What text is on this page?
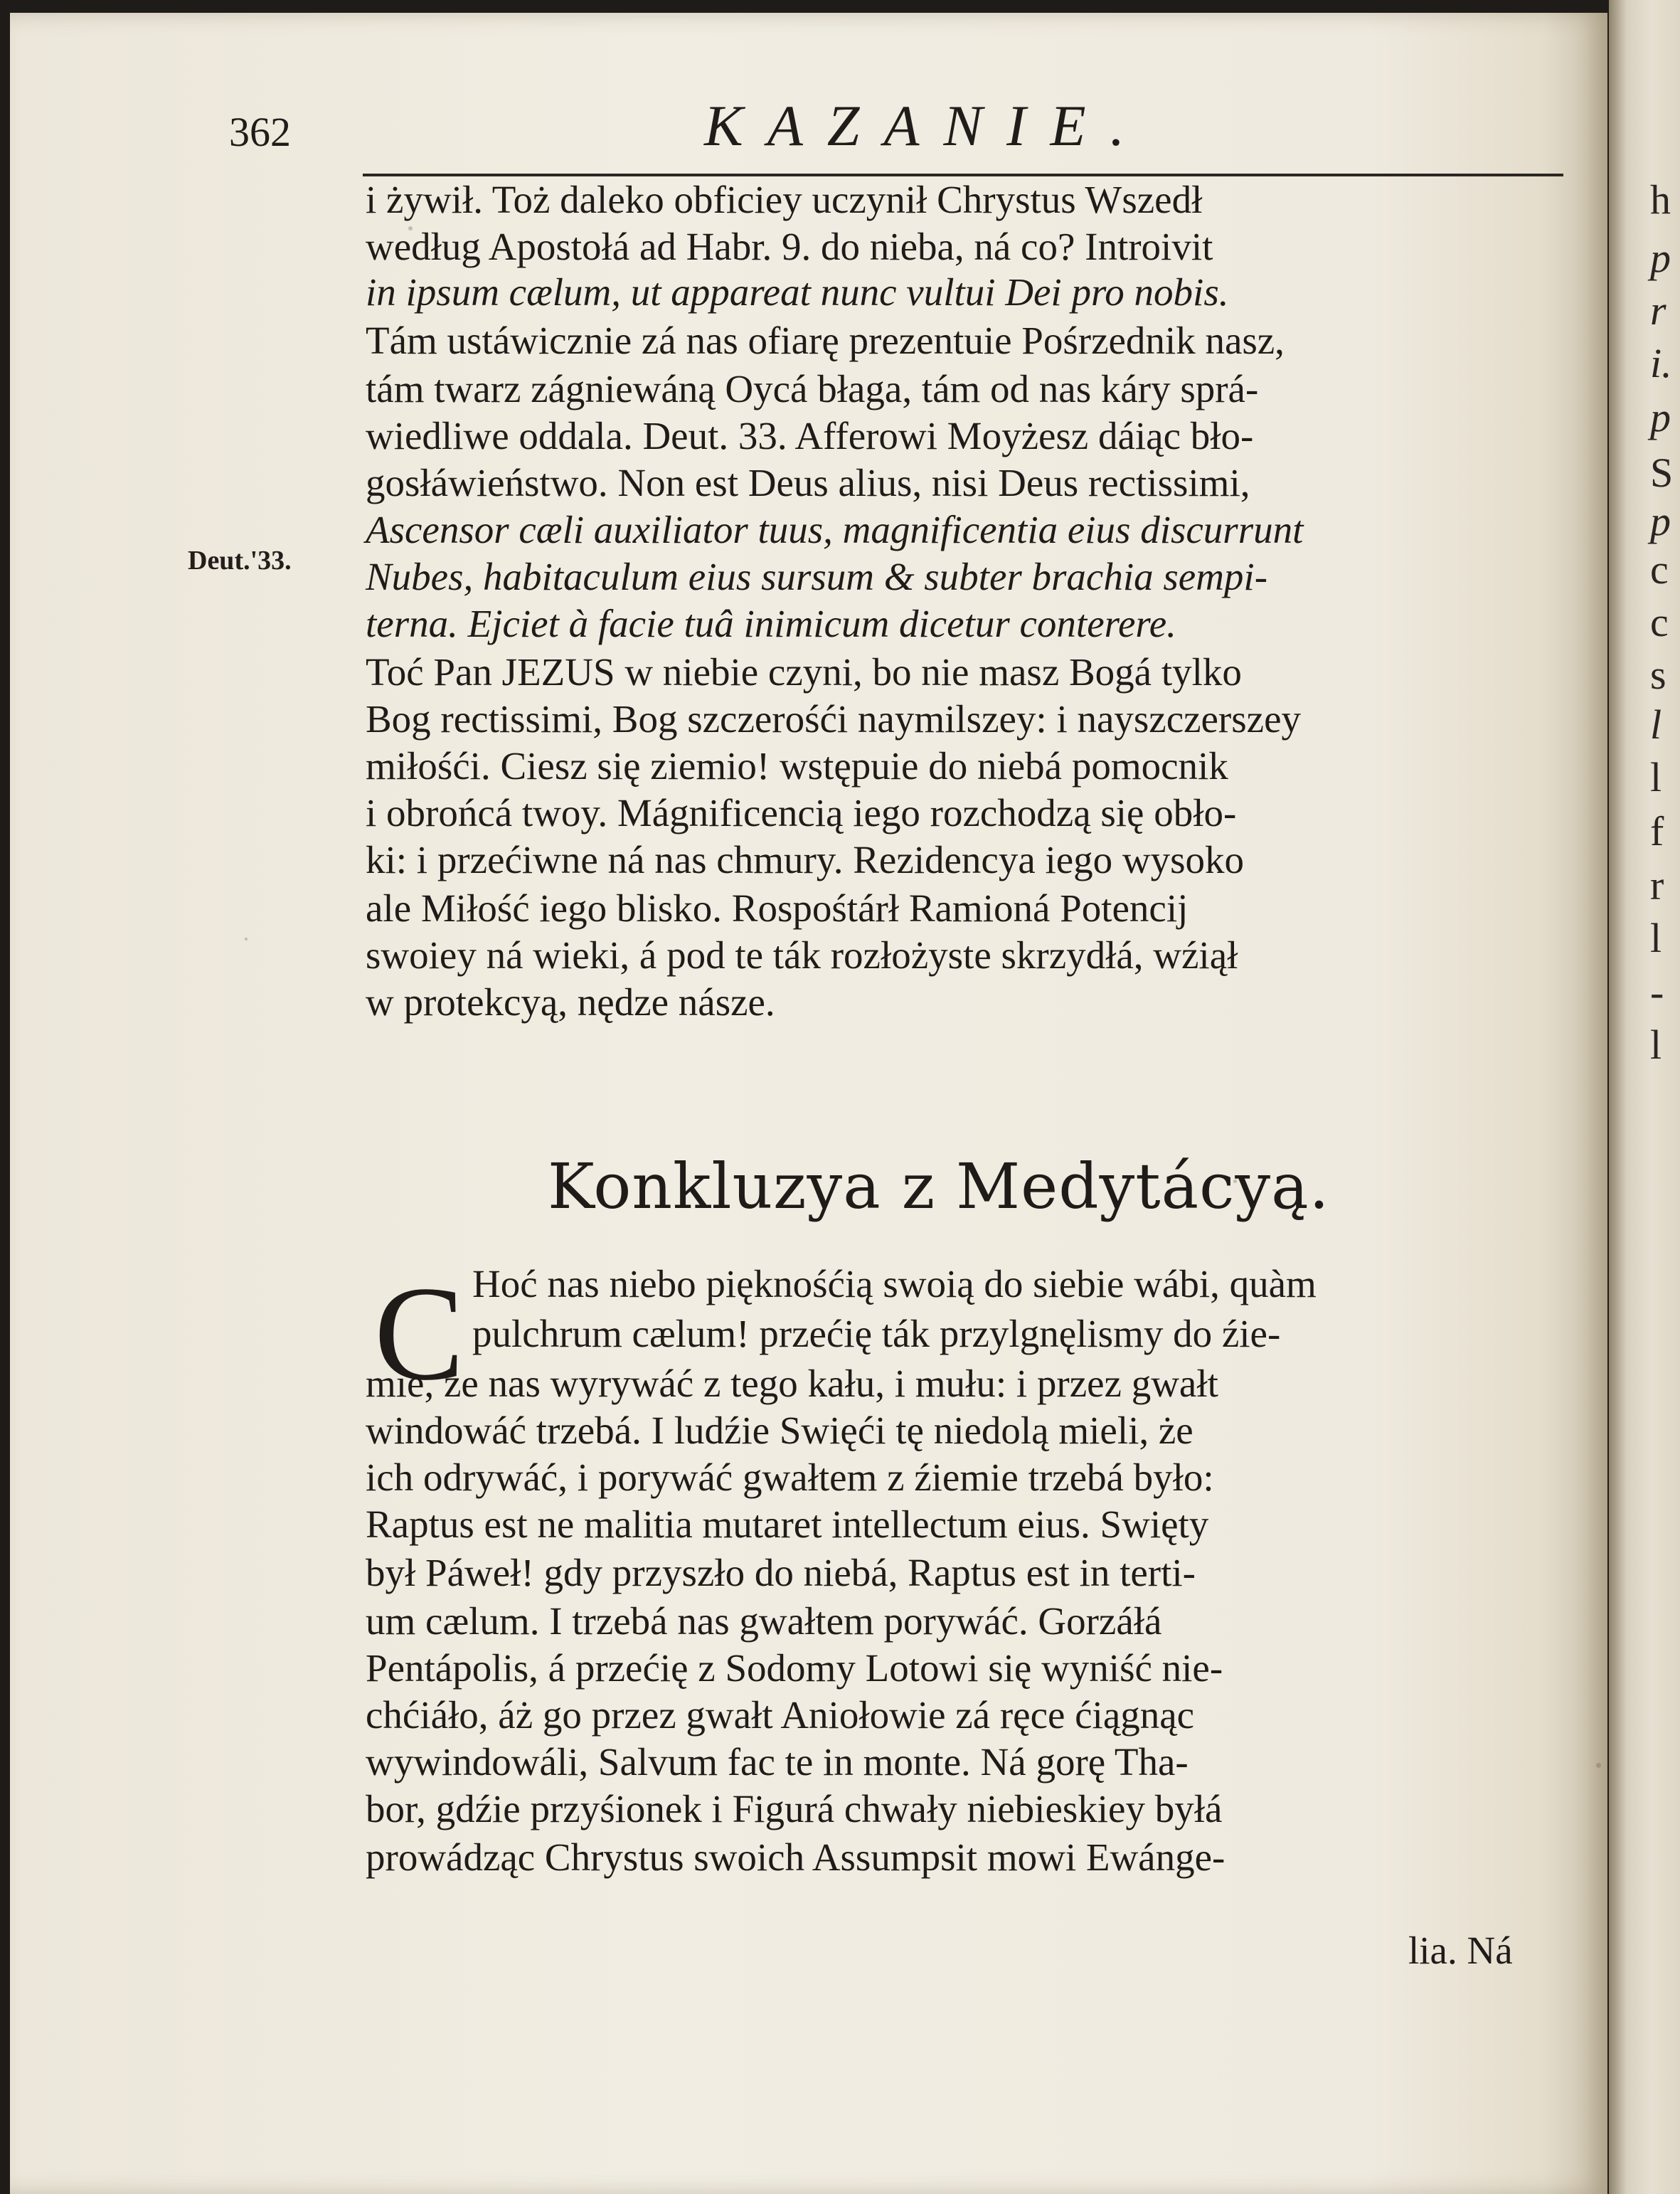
h
p
r
i.
p
S
p
c
c
s
l
l
f
r
l
-
l
362	KAZANIE.
Deut.'33.
i żywił. Toż daleko obficiey uczynił Chrystus Wszedł
według Apostołá ad Habr. 9. do nieba, ná co? Introivit
in ipsum cælum, ut appareat nunc vultui Dei pro nobis.
Tám ustáwicznie zá nas ofiarę prezentuie Pośrzednik nasz,
tám twarz zágniewáną Oycá błaga, tám od nas káry sprá-
wiedliwe oddala. Deut. 33. Afferowi Moyżesz dáiąc bło-
gosłáwieństwo. Non est Deus alius, nisi Deus rectissimi,
Ascensor cæli auxiliator tuus, magnificentia eius discurrunt
Nubes, habitaculum eius sursum & subter brachia sempi-
terna. Ejciet à facie tuâ inimicum dicetur conterere.
Toć Pan JEZUS w niebie czyni, bo nie masz Bogá tylko
Bog rectissimi, Bog szczerośći naymilszey: i nayszczerszey
miłośći. Ciesz się ziemio! wstępuie do niebá pomocnik
i obrońcá twoy. Mágnificencią iego rozchodzą się obło-
ki: i przećiwne ná nas chmury. Rezidencya iego wysoko
ale Miłość iego blisko. Rospośtárł Ramioná Potencij
swoiey ná wieki, á pod te ták rozłożyste skrzydłá, wźiął
w protekcyą, nędze násze.
Konkluzya z Medytácyą.
C Hoć nas niebo pięknośćią swoią do siebie wábi, quàm
pulchrum cælum! przećię ták przylgnęlismy do źie-
mie, że nas wyrywáć z tego kału, i mułu: i przez gwałt
windowáć trzebá. I ludźie Swięći tę niedolą mieli, że
ich odrywáć, i porywáć gwałtem z źiemie trzebá było:
Raptus est ne malitia mutaret intellectum eius. Swięty
był Páweł! gdy przyszło do niebá, Raptus est in terti-
um cælum. I trzebá nas gwałtem porywáć. Gorzáłá
Pentápolis, á przećię z Sodomy Lotowi się wyniść nie-
chćiáło, áż go przez gwałt Aniołowie zá ręce ćiągnąc
wywindowáli, Salvum fac te in monte. Ná gorę Tha-
bor, gdźie przyśionek i Figurá chwały niebieskiey byłá
prowádząc Chrystus swoich Assumpsit mowi Ewánge-
lia. Ná
